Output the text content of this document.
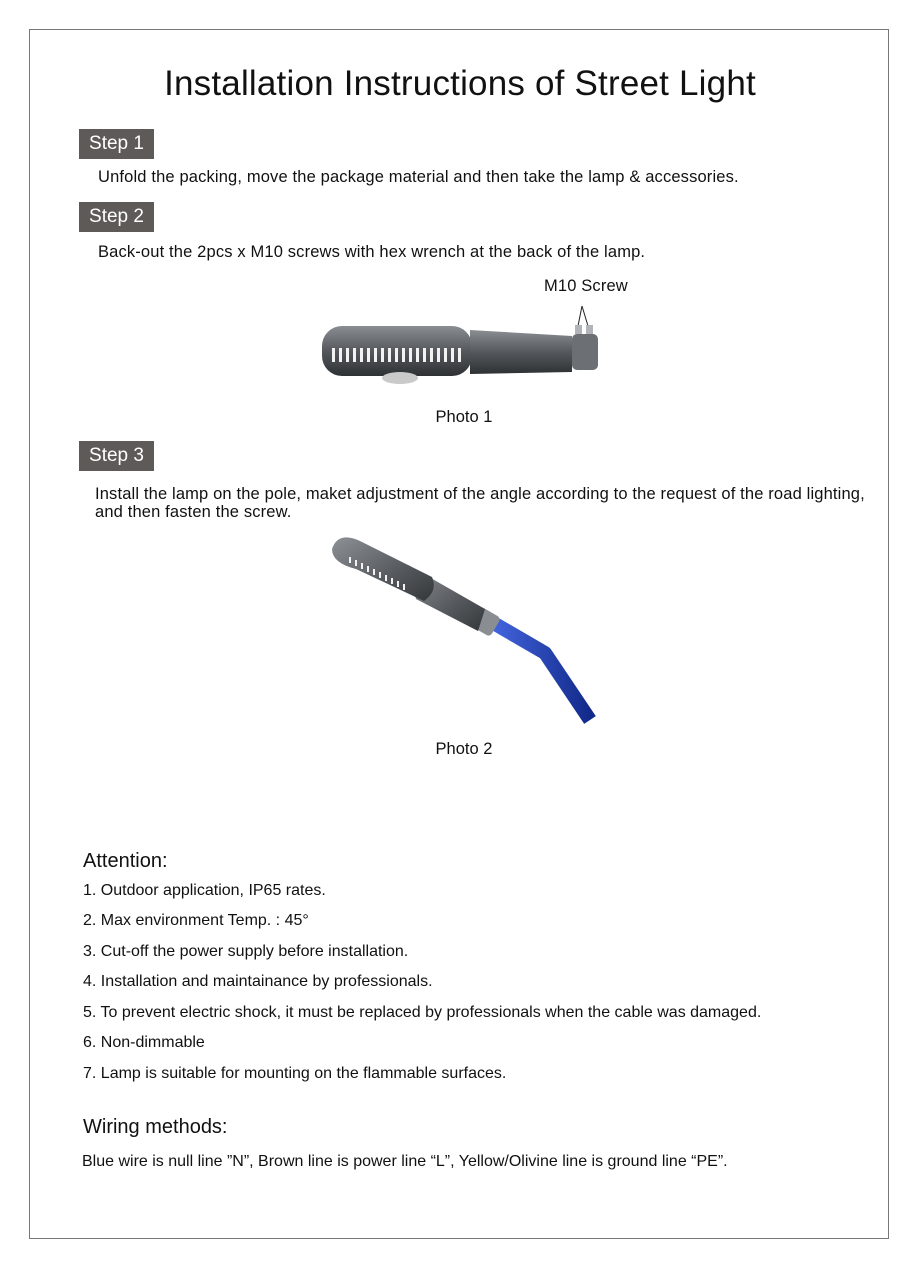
Installation Instructions of Street Light
Step 1
Unfold the packing, move the package material and then take the lamp & accessories.
Step 2
Back-out the 2pcs x M10 screws with hex wrench at the back of the lamp.
M10 Screw
Photo 1
Step 3
Install the lamp on the pole, maket adjustment of the angle according to the request of the road lighting, and then fasten the screw.
Photo 2
Attention:
1. Outdoor application, IP65 rates.
2. Max environment Temp. : 45°
3. Cut-off the power supply before installation.
4. Installation and maintainance by professionals.
5. To prevent electric shock, it must be replaced by professionals when the cable was damaged.
6. Non-dimmable
7. Lamp is suitable for mounting on the flammable surfaces.
Wiring methods:
Blue wire is null line ”N”, Brown line is power line “L”, Yellow/Olivine line is ground line “PE”.
